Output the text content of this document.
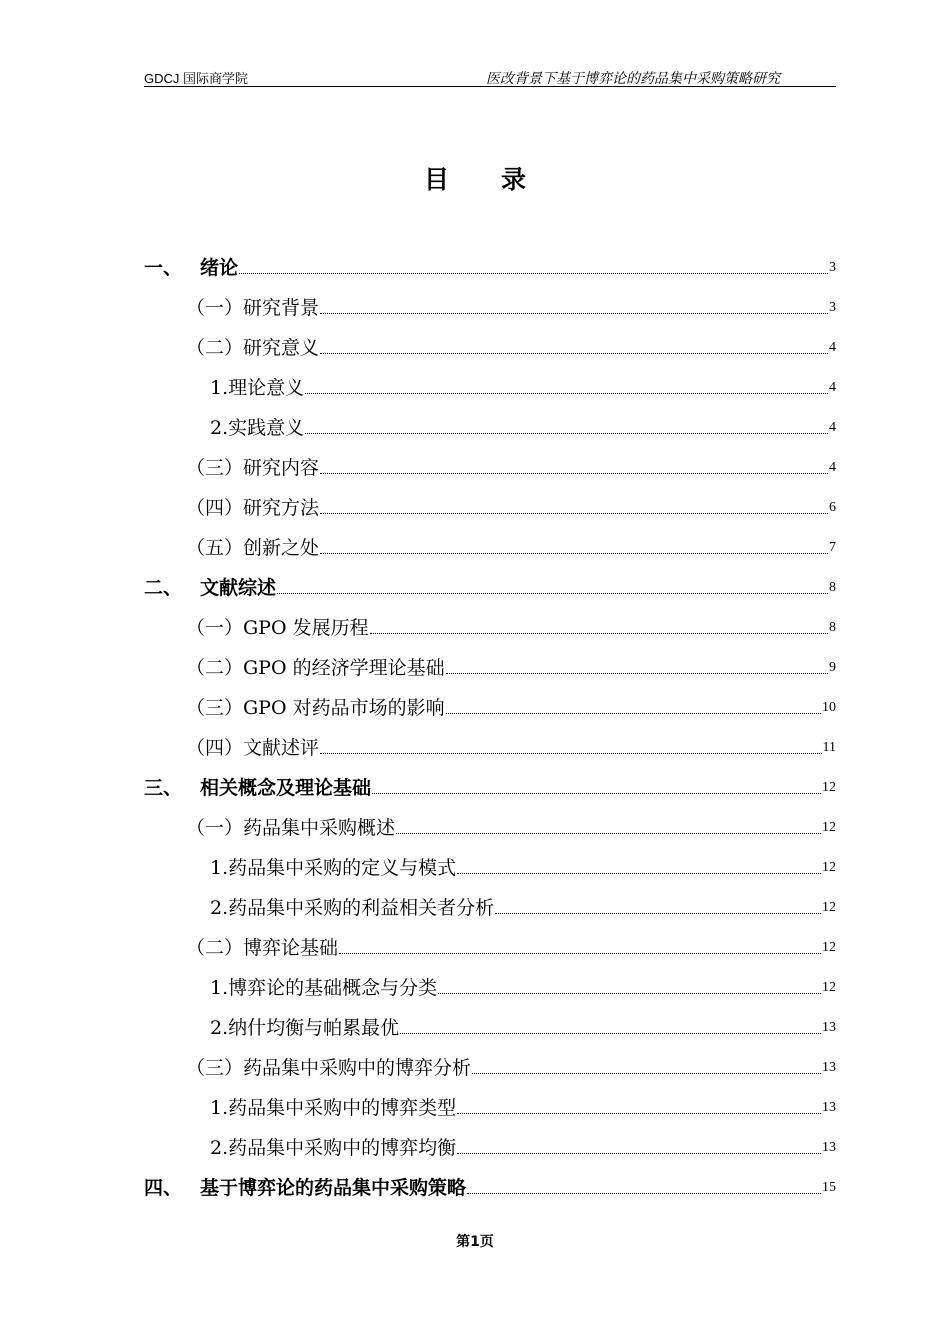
GDCJ 国际商学院	医改背景下基于博弈论的药品集中采购策略研究
目 录
一、 绪论	3
（一）研究背景	3
（二）研究意义	4
1.理论意义	4
2.实践意义	4
（三）研究内容	4
（四）研究方法	6
（五）创新之处	7
二、 文献综述	8
（一）GPO 发展历程	8
（二）GPO 的经济学理论基础	9
（三）GPO 对药品市场的影响	10
（四）文献述评	11
三、 相关概念及理论基础	12
（一）药品集中采购概述	12
1.药品集中采购的定义与模式	12
2.药品集中采购的利益相关者分析	12
（二）博弈论基础	12
1.博弈论的基础概念与分类	12
2.纳什均衡与帕累最优	13
（三）药品集中采购中的博弈分析	13
1.药品集中采购中的博弈类型	13
2.药品集中采购中的博弈均衡	13
四、 基于博弈论的药品集中采购策略	15
第1页
